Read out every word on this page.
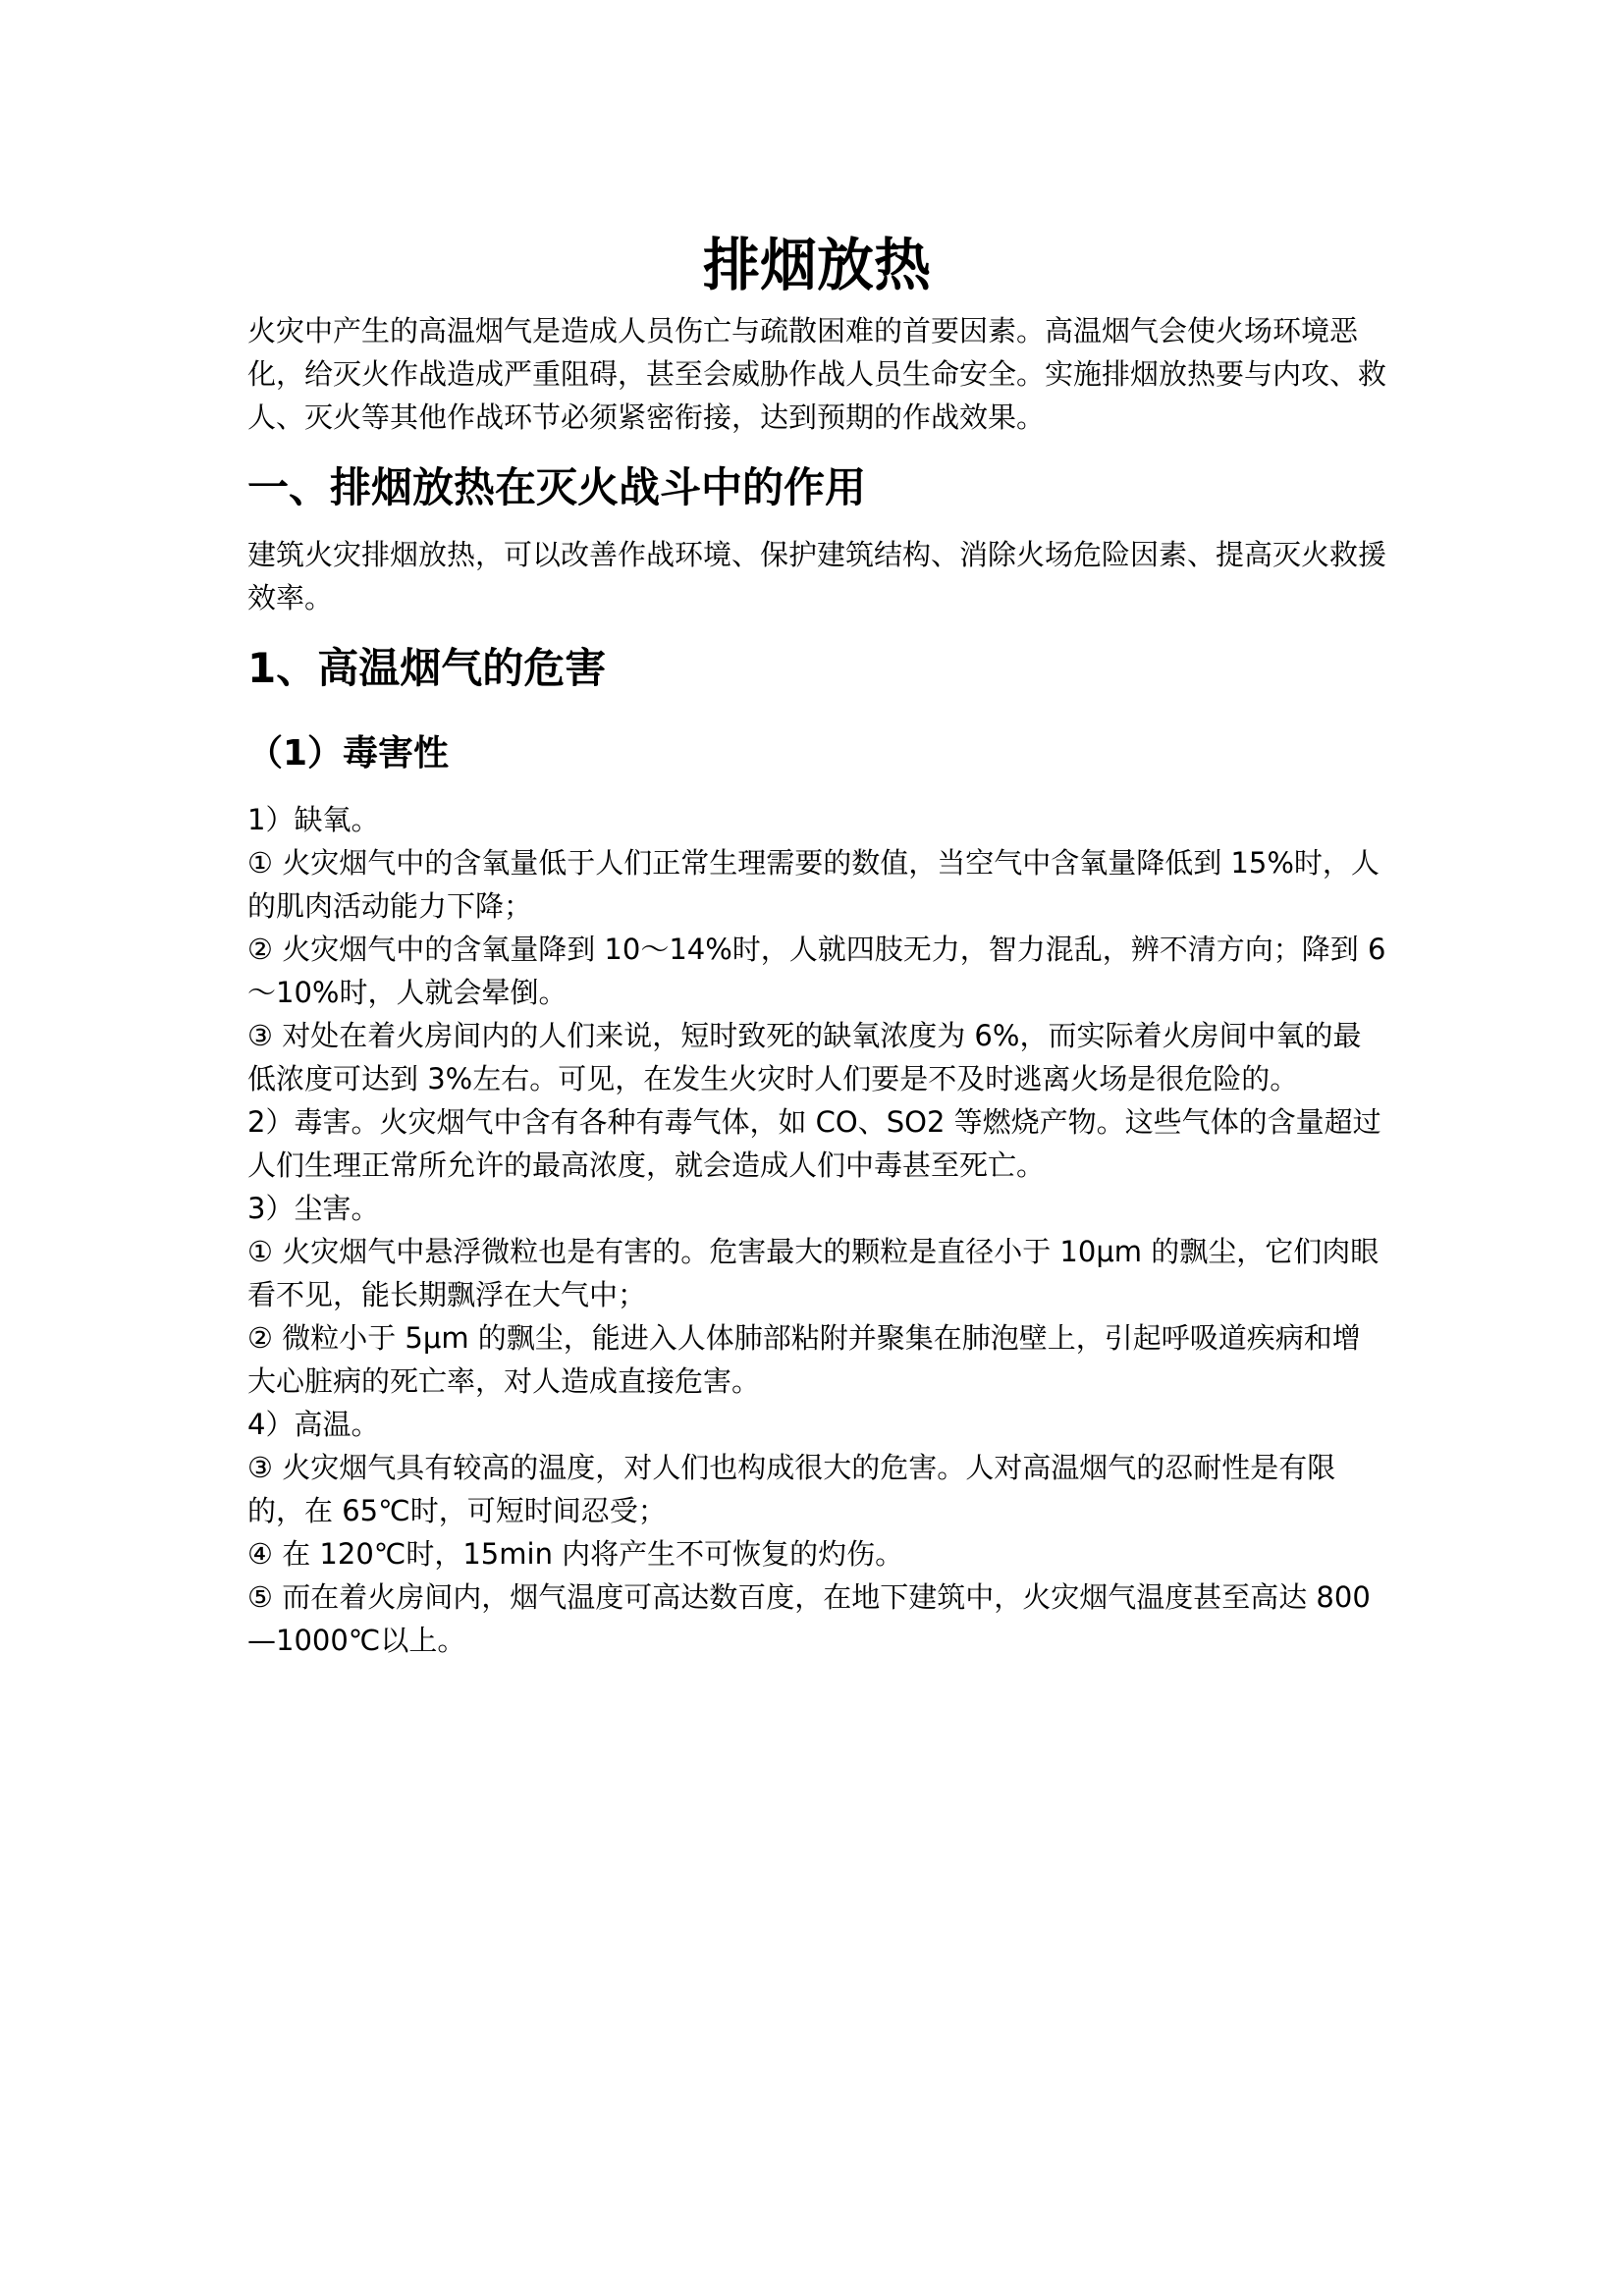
排烟放热

火灾中产生的高温烟气是造成人员伤亡与疏散困难的首要因素。高温烟气会使火场环境恶化，给灭火作战造成严重阻碍，甚至会威胁作战人员生命安全。实施排烟放热要与内攻、救人、灭火等其他作战环节必须紧密衔接，达到预期的作战效果。

一、排烟放热在灭火战斗中的作用

建筑火灾排烟放热，可以改善作战环境、保护建筑结构、消除火场危险因素、提高灭火救援效率。

1、高温烟气的危害
（1）毒害性

1）缺氧。

① 火灾烟气中的含氧量低于人们正常生理需要的数值，当空气中含氧量降低到 15%时，人的肌肉活动能力下降；

② 火灾烟气中的含氧量降到 10～14%时，人就四肢无力，智力混乱，辨不清方向；降到 6～10%时，人就会晕倒。

③ 对处在着火房间内的人们来说，短时致死的缺氧浓度为 6%，而实际着火房间中氧的最低浓度可达到 3%左右。可见，在发生火灾时人们要是不及时逃离火场是很危险的。

2）毒害。火灾烟气中含有各种有毒气体，如 CO、SO2 等燃烧产物。这些气体的含量超过人们生理正常所允许的最高浓度，就会造成人们中毒甚至死亡。

3）尘害。

① 火灾烟气中悬浮微粒也是有害的。危害最大的颗粒是直径小于 10μm 的飘尘，它们肉眼看不见，能长期飘浮在大气中；

② 微粒小于 5μm 的飘尘，能进入人体肺部粘附并聚集在肺泡壁上，引起呼吸道疾病和增大心脏病的死亡率，对人造成直接危害。

4）高温。

③ 火灾烟气具有较高的温度，对人们也构成很大的危害。人对高温烟气的忍耐性是有限的，在 65℃时，可短时间忍受；

④ 在 120℃时，15min 内将产生不可恢复的灼伤。

⑤ 而在着火房间内，烟气温度可高达数百度，在地下建筑中，火灾烟气温度甚至高达 800—1000℃以上。
